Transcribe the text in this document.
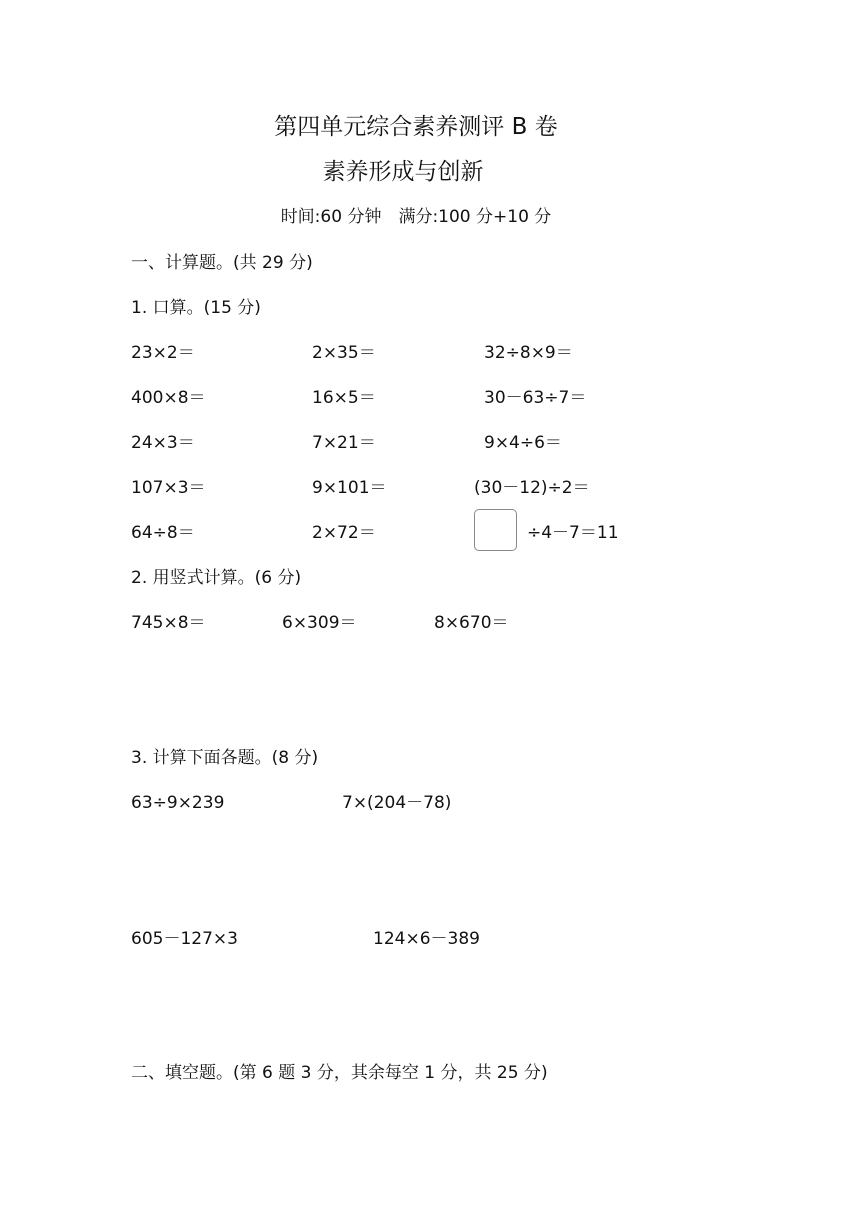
第四单元综合素养测评 B 卷
素养形成与创新
时间:60 分钟　满分:100 分+10 分
一、计算题。(共 29 分)
1. 口算。(15 分)
23×2＝	2×35＝	32÷8×9＝
400×8＝	16×5＝	30－63÷7＝
24×3＝	7×21＝	9×4÷6＝
107×3＝	9×101＝	(30－12)÷2＝
64÷8＝	2×72＝	÷4－7＝11
2. 用竖式计算。(6 分)
745×8＝	6×309＝	8×670＝
3. 计算下面各题。(8 分)
63÷9×239	7×(204－78)
605－127×3	124×6－389
二、填空题。(第 6 题 3 分，其余每空 1 分，共 25 分)
